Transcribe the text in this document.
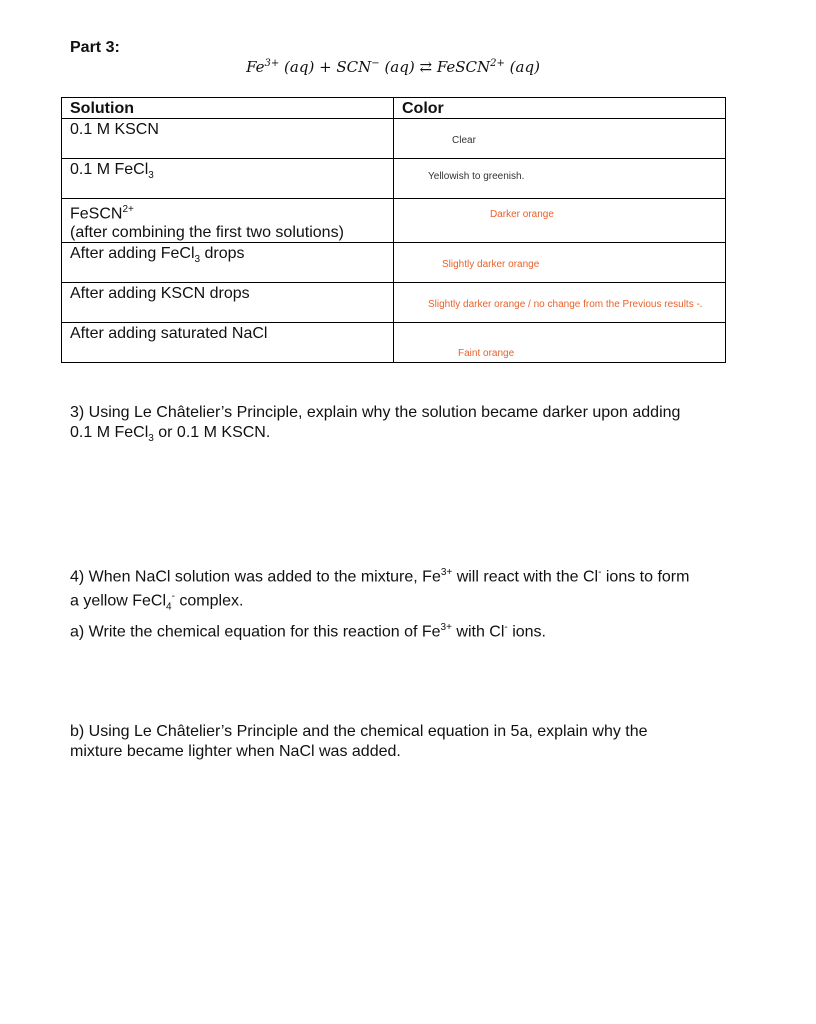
Part 3:
$Fe^{3+}$ (aq) + SCN− (aq) ⇄ FeSCN$^{2+}$ (aq)
Solution	Color
0.1 M KSCN	Clear

0.1 M FeCl$_3$	Yellowish to greenish.

FeSCN$^{2+}$
(after combining the first two solutions)	Darker orange

After adding FeCl$_3$ drops	Slightly darker orange

After adding KSCN drops	Slightly darker orange / no change from the Previous results -.

After adding saturated NaCl	Faint orange
3) Using Le Châtelier’s Principle, explain why the solution became darker upon adding
0.1 M FeCl$_3$ or 0.1 M KSCN.
4) When NaCl solution was added to the mixture, $Fe^{3+}$ will react with the Cl- ions to form
a yellow FeCl$_4$- complex.
a) Write the chemical equation for this reaction of $Fe^{3+}$ with Cl- ions.
b) Using Le Châtelier’s Principle and the chemical equation in 5a, explain why the
mixture became lighter when NaCl was added.
